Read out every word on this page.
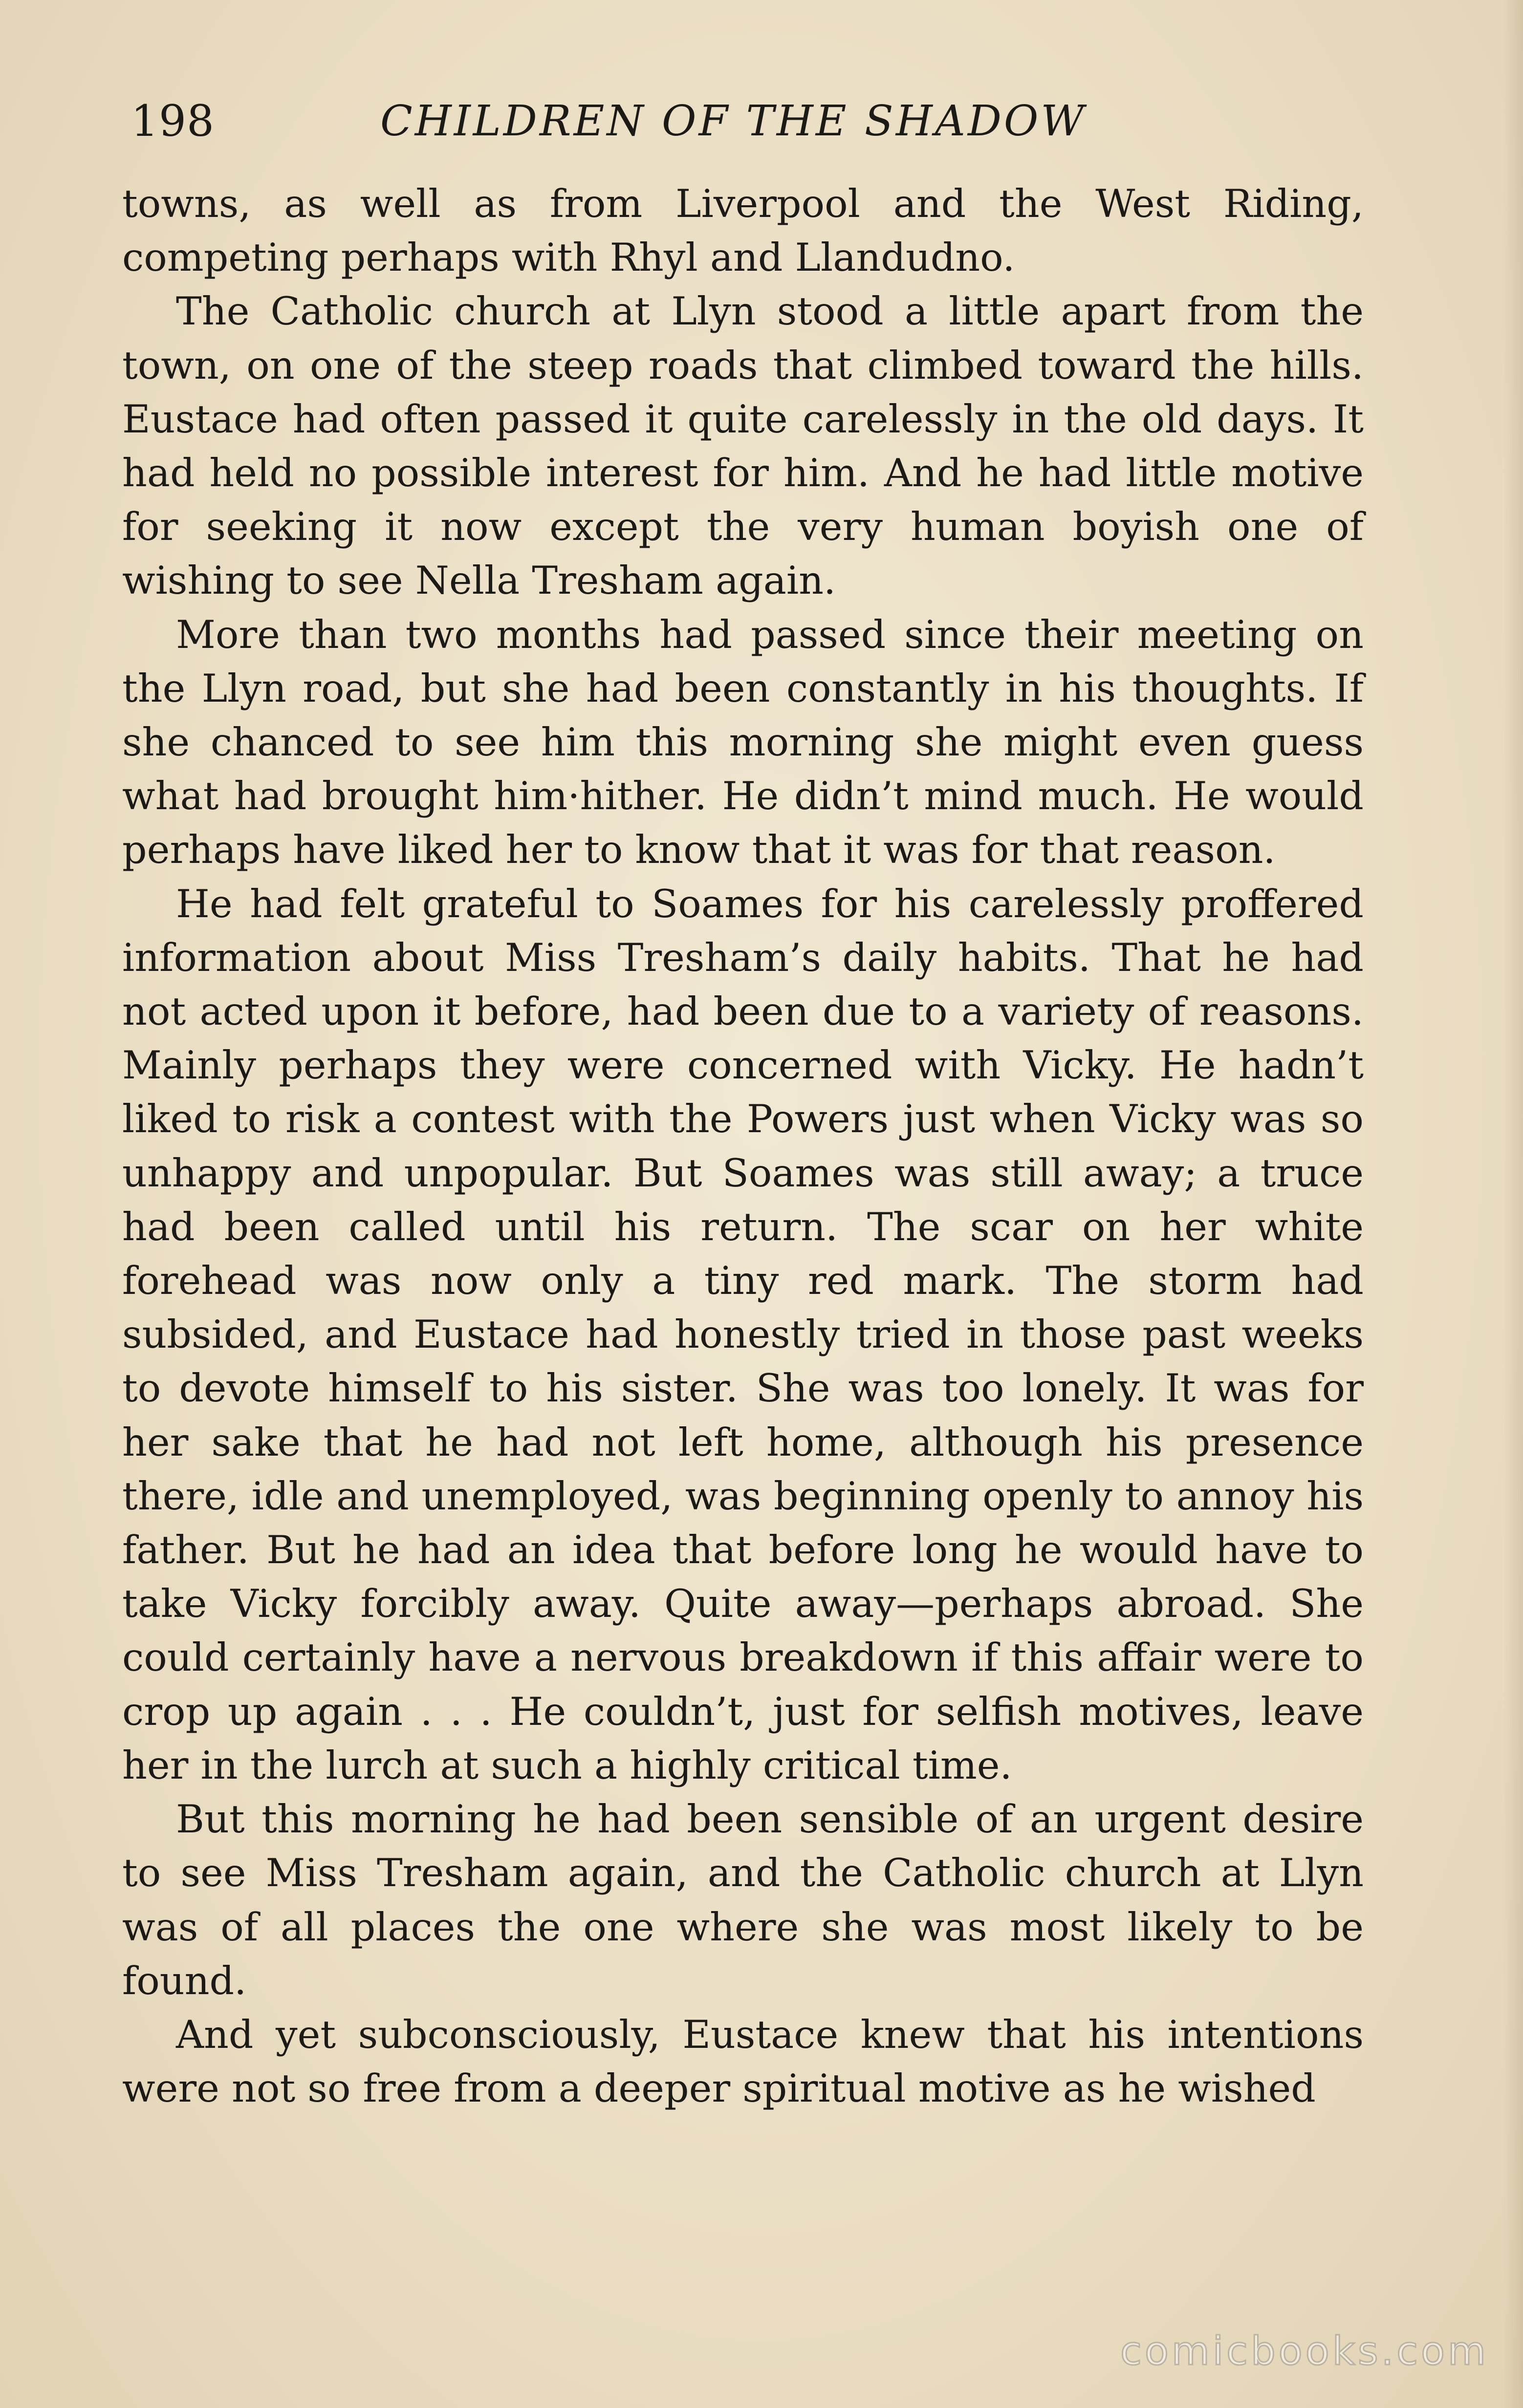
198	CHILDREN OF THE SHADOW

towns, as well as from Liverpool and the West Riding, competing perhaps with Rhyl and Llandudno.

The Catholic church at Llyn stood a little apart from the town, on one of the steep roads that climbed toward the hills. Eustace had often passed it quite carelessly in the old days. It had held no possible interest for him. And he had little motive for seeking it now except the very human boyish one of wishing to see Nella Tresham again.

More than two months had passed since their meeting on the Llyn road, but she had been constantly in his thoughts. If she chanced to see him this morning she might even guess what had brought him·hither. He didn’t mind much. He would perhaps have liked her to know that it was for that reason.

He had felt grateful to Soames for his carelessly proffered information about Miss Tresham’s daily habits. That he had not acted upon it before, had been due to a variety of reasons. Mainly perhaps they were concerned with Vicky. He hadn’t liked to risk a contest with the Powers just when Vicky was so unhappy and unpopular. But Soames was still away; a truce had been called until his return. The scar on her white forehead was now only a tiny red mark. The storm had subsided, and Eustace had honestly tried in those past weeks to devote himself to his sister. She was too lonely. It was for her sake that he had not left home, although his presence there, idle and unemployed, was beginning openly to annoy his father. But he had an idea that before long he would have to take Vicky forcibly away. Quite away—perhaps abroad. She could certainly have a nervous breakdown if this affair were to crop up again . . . He couldn’t, just for selfish motives, leave her in the lurch at such a highly critical time.

But this morning he had been sensible of an urgent desire to see Miss Tresham again, and the Catholic church at Llyn was of all places the one where she was most likely to be found.

And yet subconsciously, Eustace knew that his intentions were not so free from a deeper spiritual motive as he wished

comicbooks.com
